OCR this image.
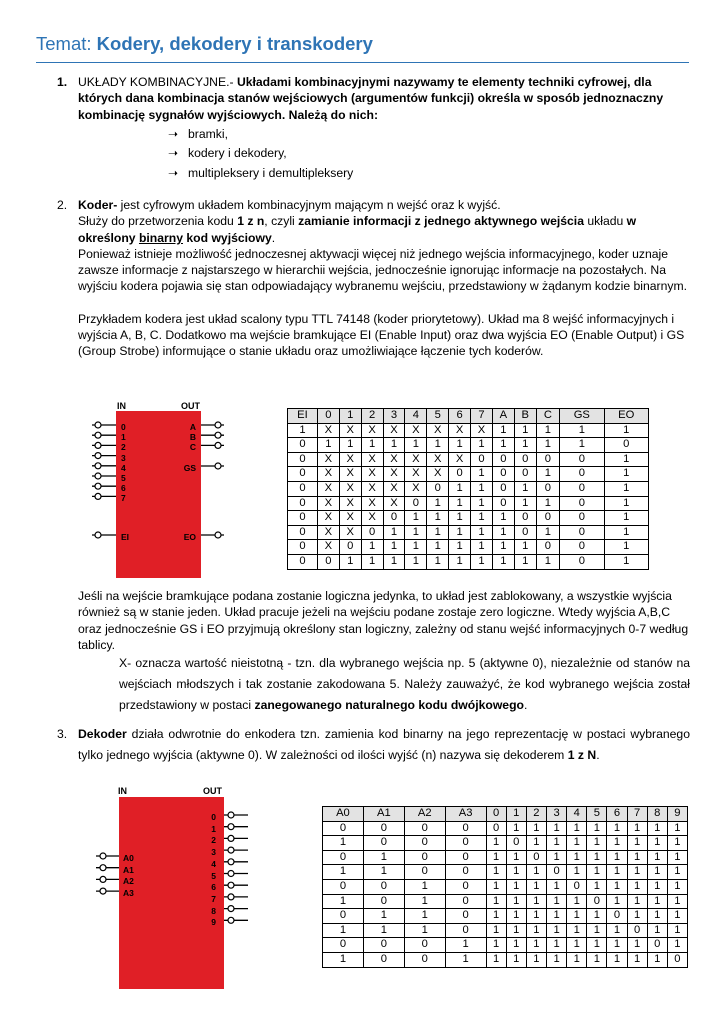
Temat: Kodery, dekodery i transkodery
1. UKŁADY KOMBINACYJNE.- Układami kombinacyjnymi nazywamy te elementy techniki cyfrowej, dla których dana kombinacja stanów wejściowych (argumentów funkcji) określa w sposób jednoznaczny kombinację sygnałów wyjściowych. Należą do nich:
➝ bramki,
➝ kodery i dekodery,
➝ multipleksery i demultipleksery
2. Koder- jest cyfrowym układem kombinacyjnym mającym n wejść oraz k wyjść.
Służy do przetworzenia kodu 1 z n, czyli zamianie informacji z jednego aktywnego wejścia układu w określony binarny kod wyjściowy.
Ponieważ istnieje możliwość jednoczesnej aktywacji więcej niż jednego wejścia informacyjnego, koder uznaje zawsze informacje z najstarszego w hierarchii wejścia, jednocześnie ignorując informacje na pozostałych. Na wyjściu kodera pojawia się stan odpowiadający wybranemu wejściu, przedstawiony w żądanym kodzie binarnym.
Przykładem kodera jest układ scalony typu TTL 74148 (koder priorytetowy). Układ ma 8 wejść informacyjnych i wyjścia A, B, C. Dodatkowo ma wejście bramkujące EI (Enable Input) oraz dwa wyjścia EO (Enable Output) i GS (Group Strobe) informujące o stanie układu oraz umożliwiające łączenie tych koderów.
IN	OUT
0
1
2
3
4
5
6
7
EI
A
B
C
GS
EO
EI	0	1	2	3	4	5	6	7	A	B	C	GS	EO
1	X	X	X	X	X	X	X	X	1	1	1	1	1
0	1	1	1	1	1	1	1	1	1	1	1	1	0
0	X	X	X	X	X	X	X	0	0	0	0	0	1
0	X	X	X	X	X	X	0	1	0	0	1	0	1
0	X	X	X	X	X	0	1	1	0	1	0	0	1
0	X	X	X	X	0	1	1	1	0	1	1	0	1
0	X	X	X	0	1	1	1	1	1	0	0	0	1
0	X	X	0	1	1	1	1	1	1	0	1	0	1
0	X	0	1	1	1	1	1	1	1	1	0	0	1
0	0	1	1	1	1	1	1	1	1	1	1	0	1
Jeśli na wejście bramkujące podana zostanie logiczna jedynka, to układ jest zablokowany, a wszystkie wyjścia również są w stanie jeden. Układ pracuje jeżeli na wejściu podane zostaje zero logiczne. Wtedy wyjścia A,B,C oraz jednocześnie GS i EO przyjmują określony stan logiczny, zależny od stanu wejść informacyjnych 0-7 według tablicy.
X- oznacza wartość nieistotną - tzn. dla wybranego wejścia np. 5 (aktywne 0), niezależnie od stanów na wejściach młodszych i tak zostanie zakodowana 5. Należy zauważyć, że kod wybranego wejścia został przedstawiony w postaci zanegowanego naturalnego kodu dwójkowego.
3. Dekoder działa odwrotnie do enkodera tzn. zamienia kod binarny na jego reprezentację w postaci wybranego tylko jednego wyjścia (aktywne 0). W zależności od ilości wyjść (n) nazywa się dekoderem 1 z N.
IN	OUT
A0
A1
A2
A3
0
1
2
3
4
5
6
7
8
9
A0	A1	A2	A3	0	1	2	3	4	5	6	7	8	9
0	0	0	0	0	1	1	1	1	1	1	1	1	1
1	0	0	0	1	0	1	1	1	1	1	1	1	1
0	1	0	0	1	1	0	1	1	1	1	1	1	1
1	1	0	0	1	1	1	0	1	1	1	1	1	1
0	0	1	0	1	1	1	1	0	1	1	1	1	1
1	0	1	0	1	1	1	1	1	0	1	1	1	1
0	1	1	0	1	1	1	1	1	1	0	1	1	1
1	1	1	0	1	1	1	1	1	1	1	0	1	1
0	0	0	1	1	1	1	1	1	1	1	1	0	1
1	0	0	1	1	1	1	1	1	1	1	1	1	0
